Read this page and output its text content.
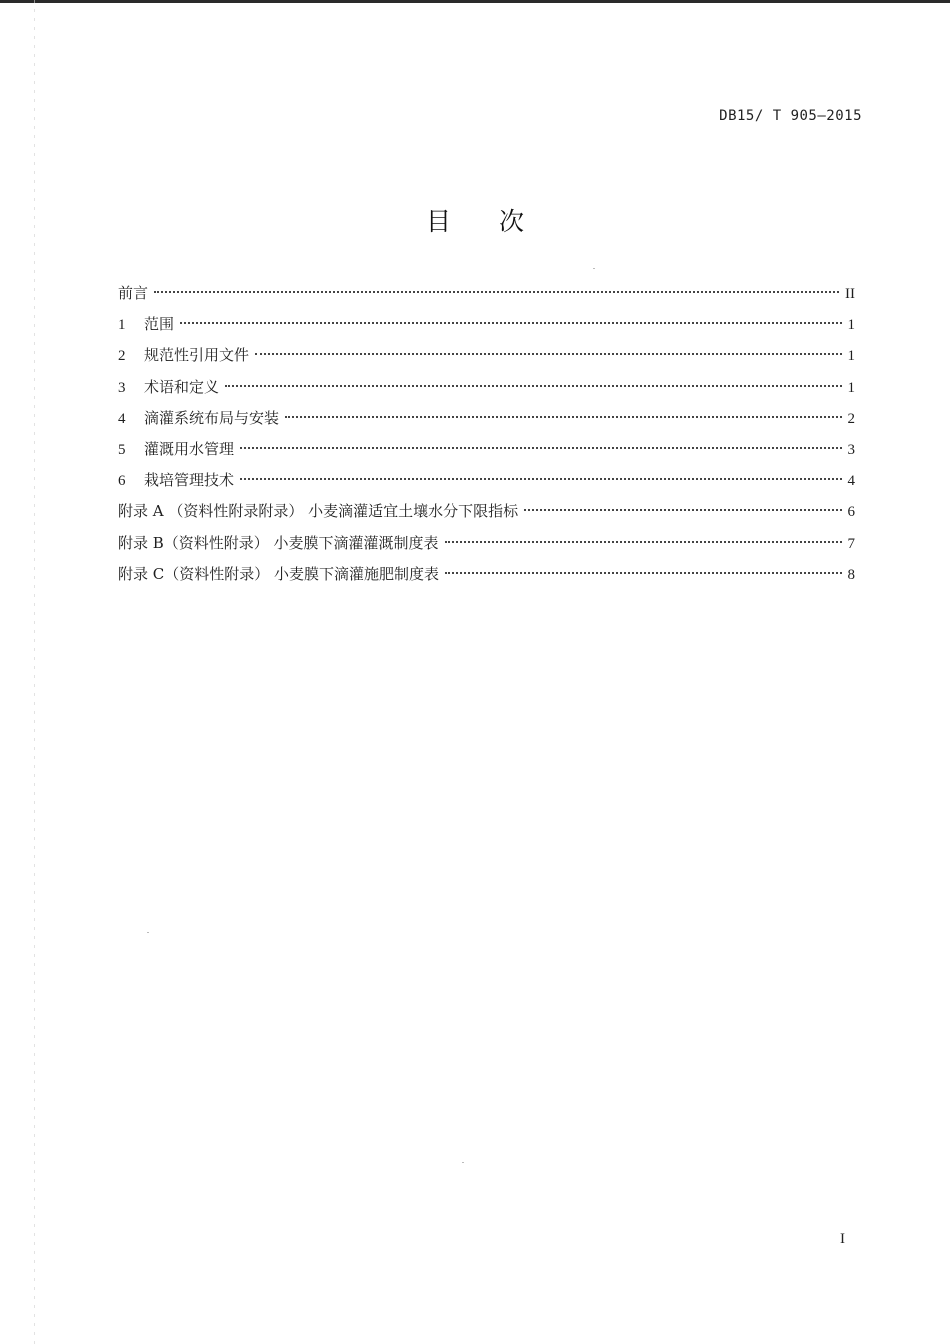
DB15/ T 905—2015
目 次
前言	II
1 范围	1
2 规范性引用文件	1
3 术语和定义	1
4 滴灌系统布局与安装	2
5 灌溉用水管理	3
6 栽培管理技术	4
附录 A （资料性附录附录） 小麦滴灌适宜土壤水分下限指标	6
附录 B（资料性附录） 小麦膜下滴灌灌溉制度表	7
附录 C（资料性附录） 小麦膜下滴灌施肥制度表	8
I
